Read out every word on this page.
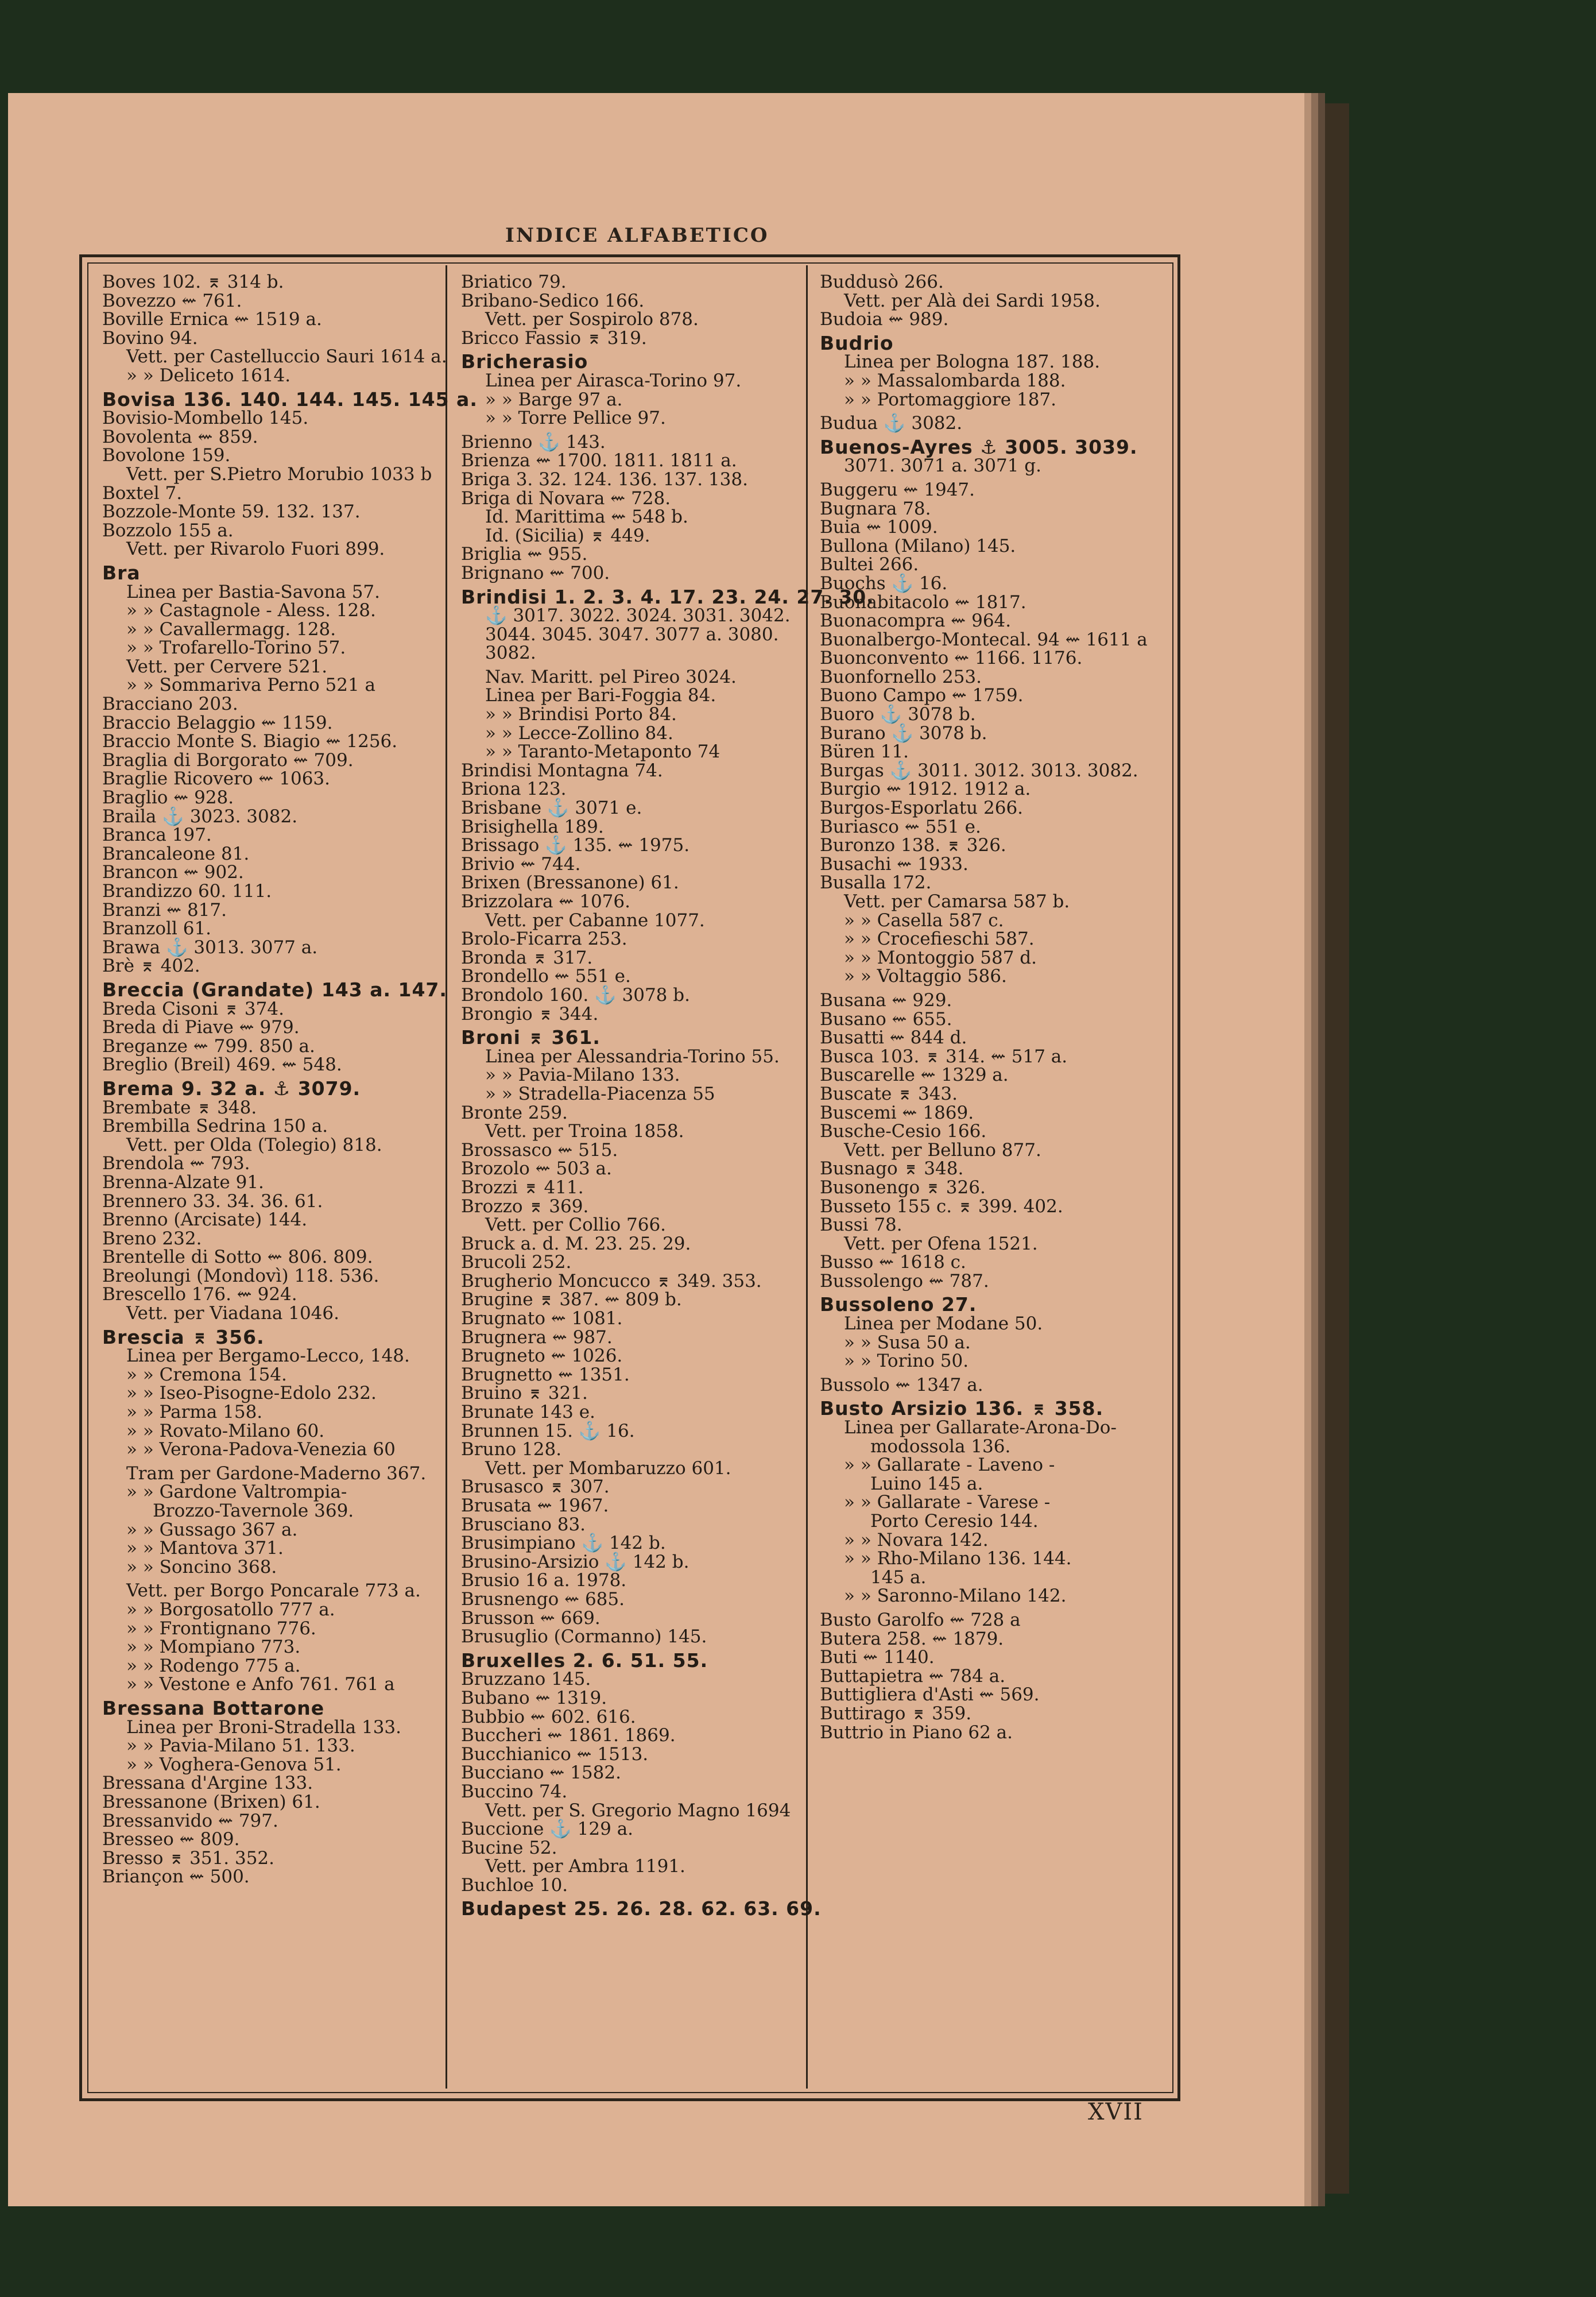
INDICE ALFABETICO
Boves 102. ⌆ 314 b.
Bovezzo ⇜ 761.
Boville Ernica ⇜ 1519 a.
Bovino 94.
Vett. per Castelluccio Sauri 1614 a.
» » Deliceto 1614.
Bovisa 136. 140. 144. 145. 145 a.
Bovisio-Mombello 145.
Bovolenta ⇜ 859.
Bovolone 159.
Vett. per S.Pietro Morubio 1033 b
Boxtel 7.
Bozzole-Monte 59. 132. 137.
Bozzolo 155 a.
Vett. per Rivarolo Fuori 899.
Bra
Linea per Bastia-Savona 57.
» » Castagnole - Aless. 128.
» » Cavallermagg. 128.
» » Trofarello-Torino 57.
Vett. per Cervere 521.
» » Sommariva Perno 521 a
Bracciano 203.
Braccio Belaggio ⇜ 1159.
Braccio Monte S. Biagio ⇜ 1256.
Braglia di Borgorato ⇜ 709.
Braglie Ricovero ⇜ 1063.
Braglio ⇜ 928.
Braila ⚓ 3023. 3082.
Branca 197.
Brancaleone 81.
Brancon ⇜ 902.
Brandizzo 60. 111.
Branzi ⇜ 817.
Branzoll 61.
Brawa ⚓ 3013. 3077 a.
Brè ⌆ 402.
Breccia (Grandate) 143 a. 147.
Breda Cisoni ⌆ 374.
Breda di Piave ⇜ 979.
Breganze ⇜ 799. 850 a.
Breglio (Breil) 469. ⇜ 548.
Brema 9. 32 a. ⚓ 3079.
Brembate ⌆ 348.
Brembilla Sedrina 150 a.
Vett. per Olda (Tolegio) 818.
Brendola ⇜ 793.
Brenna-Alzate 91.
Brennero 33. 34. 36. 61.
Brenno (Arcisate) 144.
Breno 232.
Brentelle di Sotto ⇜ 806. 809.
Breolungi (Mondovì) 118. 536.
Brescello 176. ⇜ 924.
Vett. per Viadana 1046.
Brescia ⌆ 356.
Linea per Bergamo-Lecco, 148.
» » Cremona 154.
» » Iseo-Pisogne-Edolo 232.
» » Parma 158.
» » Rovato-Milano 60.
» » Verona-Padova-Venezia 60
Tram per Gardone-Maderno 367.
» » Gardone Valtrompia-
Brozzo-Tavernole 369.
» » Gussago 367 a.
» » Mantova 371.
» » Soncino 368.
Vett. per Borgo Poncarale 773 a.
» » Borgosatollo 777 a.
» » Frontignano 776.
» » Mompiano 773.
» » Rodengo 775 a.
» » Vestone e Anfo 761. 761 a
Bressana Bottarone
Linea per Broni-Stradella 133.
» » Pavia-Milano 51. 133.
» » Voghera-Genova 51.
Bressana d'Argine 133.
Bressanone (Brixen) 61.
Bressanvido ⇜ 797.
Bresseo ⇜ 809.
Bresso ⌆ 351. 352.
Briançon ⇜ 500.
Briatico 79.
Bribano-Sedico 166.
Vett. per Sospirolo 878.
Bricco Fassio ⌆ 319.
Bricherasio
Linea per Airasca-Torino 97.
» » Barge 97 a.
» » Torre Pellice 97.
Brienno ⚓ 143.
Brienza ⇜ 1700. 1811. 1811 a.
Briga 3. 32. 124. 136. 137. 138.
Briga di Novara ⇜ 728.
Id. Marittima ⇜ 548 b.
Id. (Sicilia) ⌆ 449.
Briglia ⇜ 955.
Brignano ⇜ 700.
Brindisi 1. 2. 3. 4. 17. 23. 24. 27. 30.
⚓ 3017. 3022. 3024. 3031. 3042.
3044. 3045. 3047. 3077 a. 3080.
3082.
Nav. Maritt. pel Pireo 3024.
Linea per Bari-Foggia 84.
» » Brindisi Porto 84.
» » Lecce-Zollino 84.
» » Taranto-Metaponto 74
Brindisi Montagna 74.
Briona 123.
Brisbane ⚓ 3071 e.
Brisighella 189.
Brissago ⚓ 135. ⇜ 1975.
Brivio ⇜ 744.
Brixen (Bressanone) 61.
Brizzolara ⇜ 1076.
Vett. per Cabanne 1077.
Brolo-Ficarra 253.
Bronda ⌆ 317.
Brondello ⇜ 551 e.
Brondolo 160. ⚓ 3078 b.
Brongio ⌆ 344.
Broni ⌆ 361.
Linea per Alessandria-Torino 55.
» » Pavia-Milano 133.
» » Stradella-Piacenza 55
Bronte 259.
Vett. per Troina 1858.
Brossasco ⇜ 515.
Brozolo ⇜ 503 a.
Brozzi ⌆ 411.
Brozzo ⌆ 369.
Vett. per Collio 766.
Bruck a. d. M. 23. 25. 29.
Brucoli 252.
Brugherio Moncucco ⌆ 349. 353.
Brugine ⌆ 387. ⇜ 809 b.
Brugnato ⇜ 1081.
Brugnera ⇜ 987.
Brugneto ⇜ 1026.
Brugnetto ⇜ 1351.
Bruino ⌆ 321.
Brunate 143 e.
Brunnen 15. ⚓ 16.
Bruno 128.
Vett. per Mombaruzzo 601.
Brusasco ⌆ 307.
Brusata ⇜ 1967.
Brusciano 83.
Brusimpiano ⚓ 142 b.
Brusino-Arsizio ⚓ 142 b.
Brusio 16 a. 1978.
Brusnengo ⇜ 685.
Brusson ⇜ 669.
Brusuglio (Cormanno) 145.
Bruxelles 2. 6. 51. 55.
Bruzzano 145.
Bubano ⇜ 1319.
Bubbio ⇜ 602. 616.
Buccheri ⇜ 1861. 1869.
Bucchianico ⇜ 1513.
Bucciano ⇜ 1582.
Buccino 74.
Vett. per S. Gregorio Magno 1694
Buccione ⚓ 129 a.
Bucine 52.
Vett. per Ambra 1191.
Buchloe 10.
Budapest 25. 26. 28. 62. 63. 69.
Buddusò 266.
Vett. per Alà dei Sardi 1958.
Budoia ⇜ 989.
Budrio
Linea per Bologna 187. 188.
» » Massalombarda 188.
» » Portomaggiore 187.
Budua ⚓ 3082.
Buenos-Ayres ⚓ 3005. 3039.
3071. 3071 a. 3071 g.
Buggeru ⇜ 1947.
Bugnara 78.
Buia ⇜ 1009.
Bullona (Milano) 145.
Bultei 266.
Buochs ⚓ 16.
Buonabitacolo ⇜ 1817.
Buonacompra ⇜ 964.
Buonalbergo-Montecal. 94 ⇜ 1611 a
Buonconvento ⇜ 1166. 1176.
Buonfornello 253.
Buono Campo ⇜ 1759.
Buoro ⚓ 3078 b.
Burano ⚓ 3078 b.
Büren 11.
Burgas ⚓ 3011. 3012. 3013. 3082.
Burgio ⇜ 1912. 1912 a.
Burgos-Esporlatu 266.
Buriasco ⇜ 551 e.
Buronzo 138. ⌆ 326.
Busachi ⇜ 1933.
Busalla 172.
Vett. per Camarsa 587 b.
» » Casella 587 c.
» » Crocefieschi 587.
» » Montoggio 587 d.
» » Voltaggio 586.
Busana ⇜ 929.
Busano ⇜ 655.
Busatti ⇜ 844 d.
Busca 103. ⌆ 314. ⇜ 517 a.
Buscarelle ⇜ 1329 a.
Buscate ⌆ 343.
Buscemi ⇜ 1869.
Busche-Cesio 166.
Vett. per Belluno 877.
Busnago ⌆ 348.
Busonengo ⌆ 326.
Busseto 155 c. ⌆ 399. 402.
Bussi 78.
Vett. per Ofena 1521.
Busso ⇜ 1618 c.
Bussolengo ⇜ 787.
Bussoleno 27.
Linea per Modane 50.
» » Susa 50 a.
» » Torino 50.
Bussolo ⇜ 1347 a.
Busto Arsizio 136. ⌆ 358.
Linea per Gallarate-Arona-Do-
modossola 136.
» » Gallarate - Laveno -
Luino 145 a.
» » Gallarate - Varese -
Porto Ceresio 144.
» » Novara 142.
» » Rho-Milano 136. 144.
145 a.
» » Saronno-Milano 142.
Busto Garolfo ⇜ 728 a
Butera 258. ⇜ 1879.
Buti ⇜ 1140.
Buttapietra ⇜ 784 a.
Buttigliera d'Asti ⇜ 569.
Buttirago ⌆ 359.
Buttrio in Piano 62 a.
XVII
